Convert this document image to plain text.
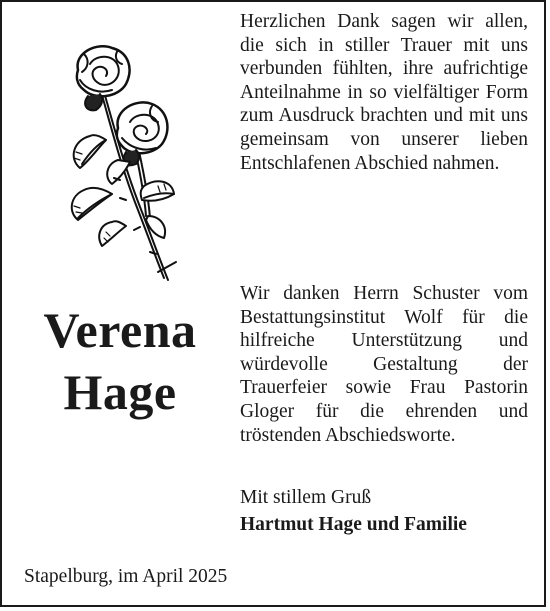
Verena
Hage
Herzlichen Dank sagen wir allen, die sich in stiller Trauer mit uns verbunden fühlten, ihre aufrichtige Anteilnahme in so vielfältiger Form zum Ausdruck brachten und mit uns gemeinsam von unserer lieben Entschlafenen Abschied nahmen.
Wir danken Herrn Schuster vom Bestattungsinstitut Wolf für die hilfreiche Unterstützung und würdevolle Gestaltung der Trauerfeier sowie Frau Pastorin Gloger für die ehrenden und tröstenden Abschiedsworte.
Mit stillem Gruß
Hartmut Hage und Familie
Stapelburg, im April 2025
